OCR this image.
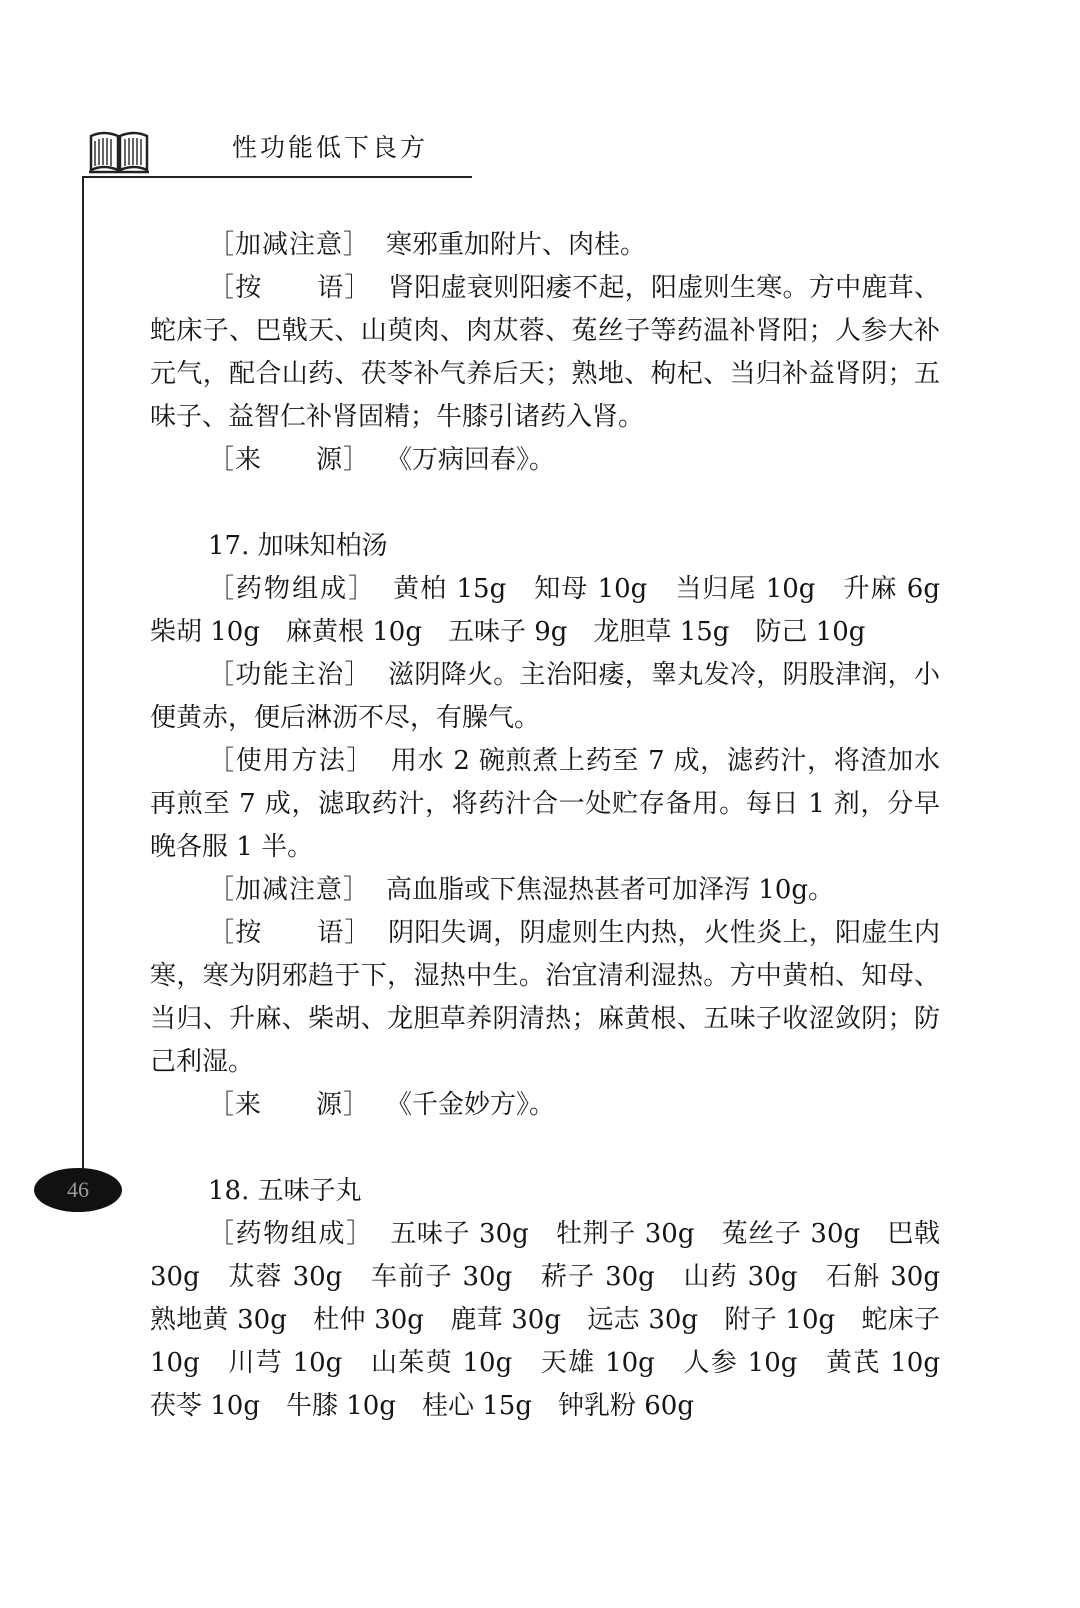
性功能低下良方

［加减注意］ 寒邪重加附片、肉桂。

［按　　语］ 肾阳虚衰则阳痿不起，阳虚则生寒。方中鹿茸、蛇床子、巴戟天、山萸肉、肉苁蓉、菟丝子等药温补肾阳；人参大补元气，配合山药、茯苓补气养后天；熟地、枸杞、当归补益肾阴；五味子、益智仁补肾固精；牛膝引诸药入肾。

［来　　源］ 《万病回春》。

17. 加味知柏汤

［药物组成］ 黄柏 15g　知母 10g　当归尾 10g　升麻 6g　柴胡 10g　麻黄根 10g　五味子 9g　龙胆草 15g　防己 10g

［功能主治］ 滋阴降火。主治阳痿，睾丸发冷，阴股津润，小便黄赤，便后淋沥不尽，有臊气。

［使用方法］ 用水 2 碗煎煮上药至 7 成，滤药汁，将渣加水再煎至 7 成，滤取药汁，将药汁合一处贮存备用。每日 1 剂，分早晚各服 1 半。

［加减注意］ 高血脂或下焦湿热甚者可加泽泻 10g。

［按　　语］ 阴阳失调，阴虚则生内热，火性炎上，阳虚生内寒，寒为阴邪趋于下，湿热中生。治宜清利湿热。方中黄柏、知母、当归、升麻、柴胡、龙胆草养阴清热；麻黄根、五味子收涩敛阴；防己利湿。

［来　　源］ 《千金妙方》。

18. 五味子丸

［药物组成］ 五味子 30g　牡荆子 30g　菟丝子 30g　巴戟 30g　苁蓉 30g　车前子 30g　菥子 30g　山药 30g　石斛 30g　熟地黄 30g　杜仲 30g　鹿茸 30g　远志 30g　附子 10g　蛇床子 10g　川芎 10g　山茱萸 10g　天雄 10g　人参 10g　黄芪 10g　茯苓 10g　牛膝 10g　桂心 15g　钟乳粉 60g

46
